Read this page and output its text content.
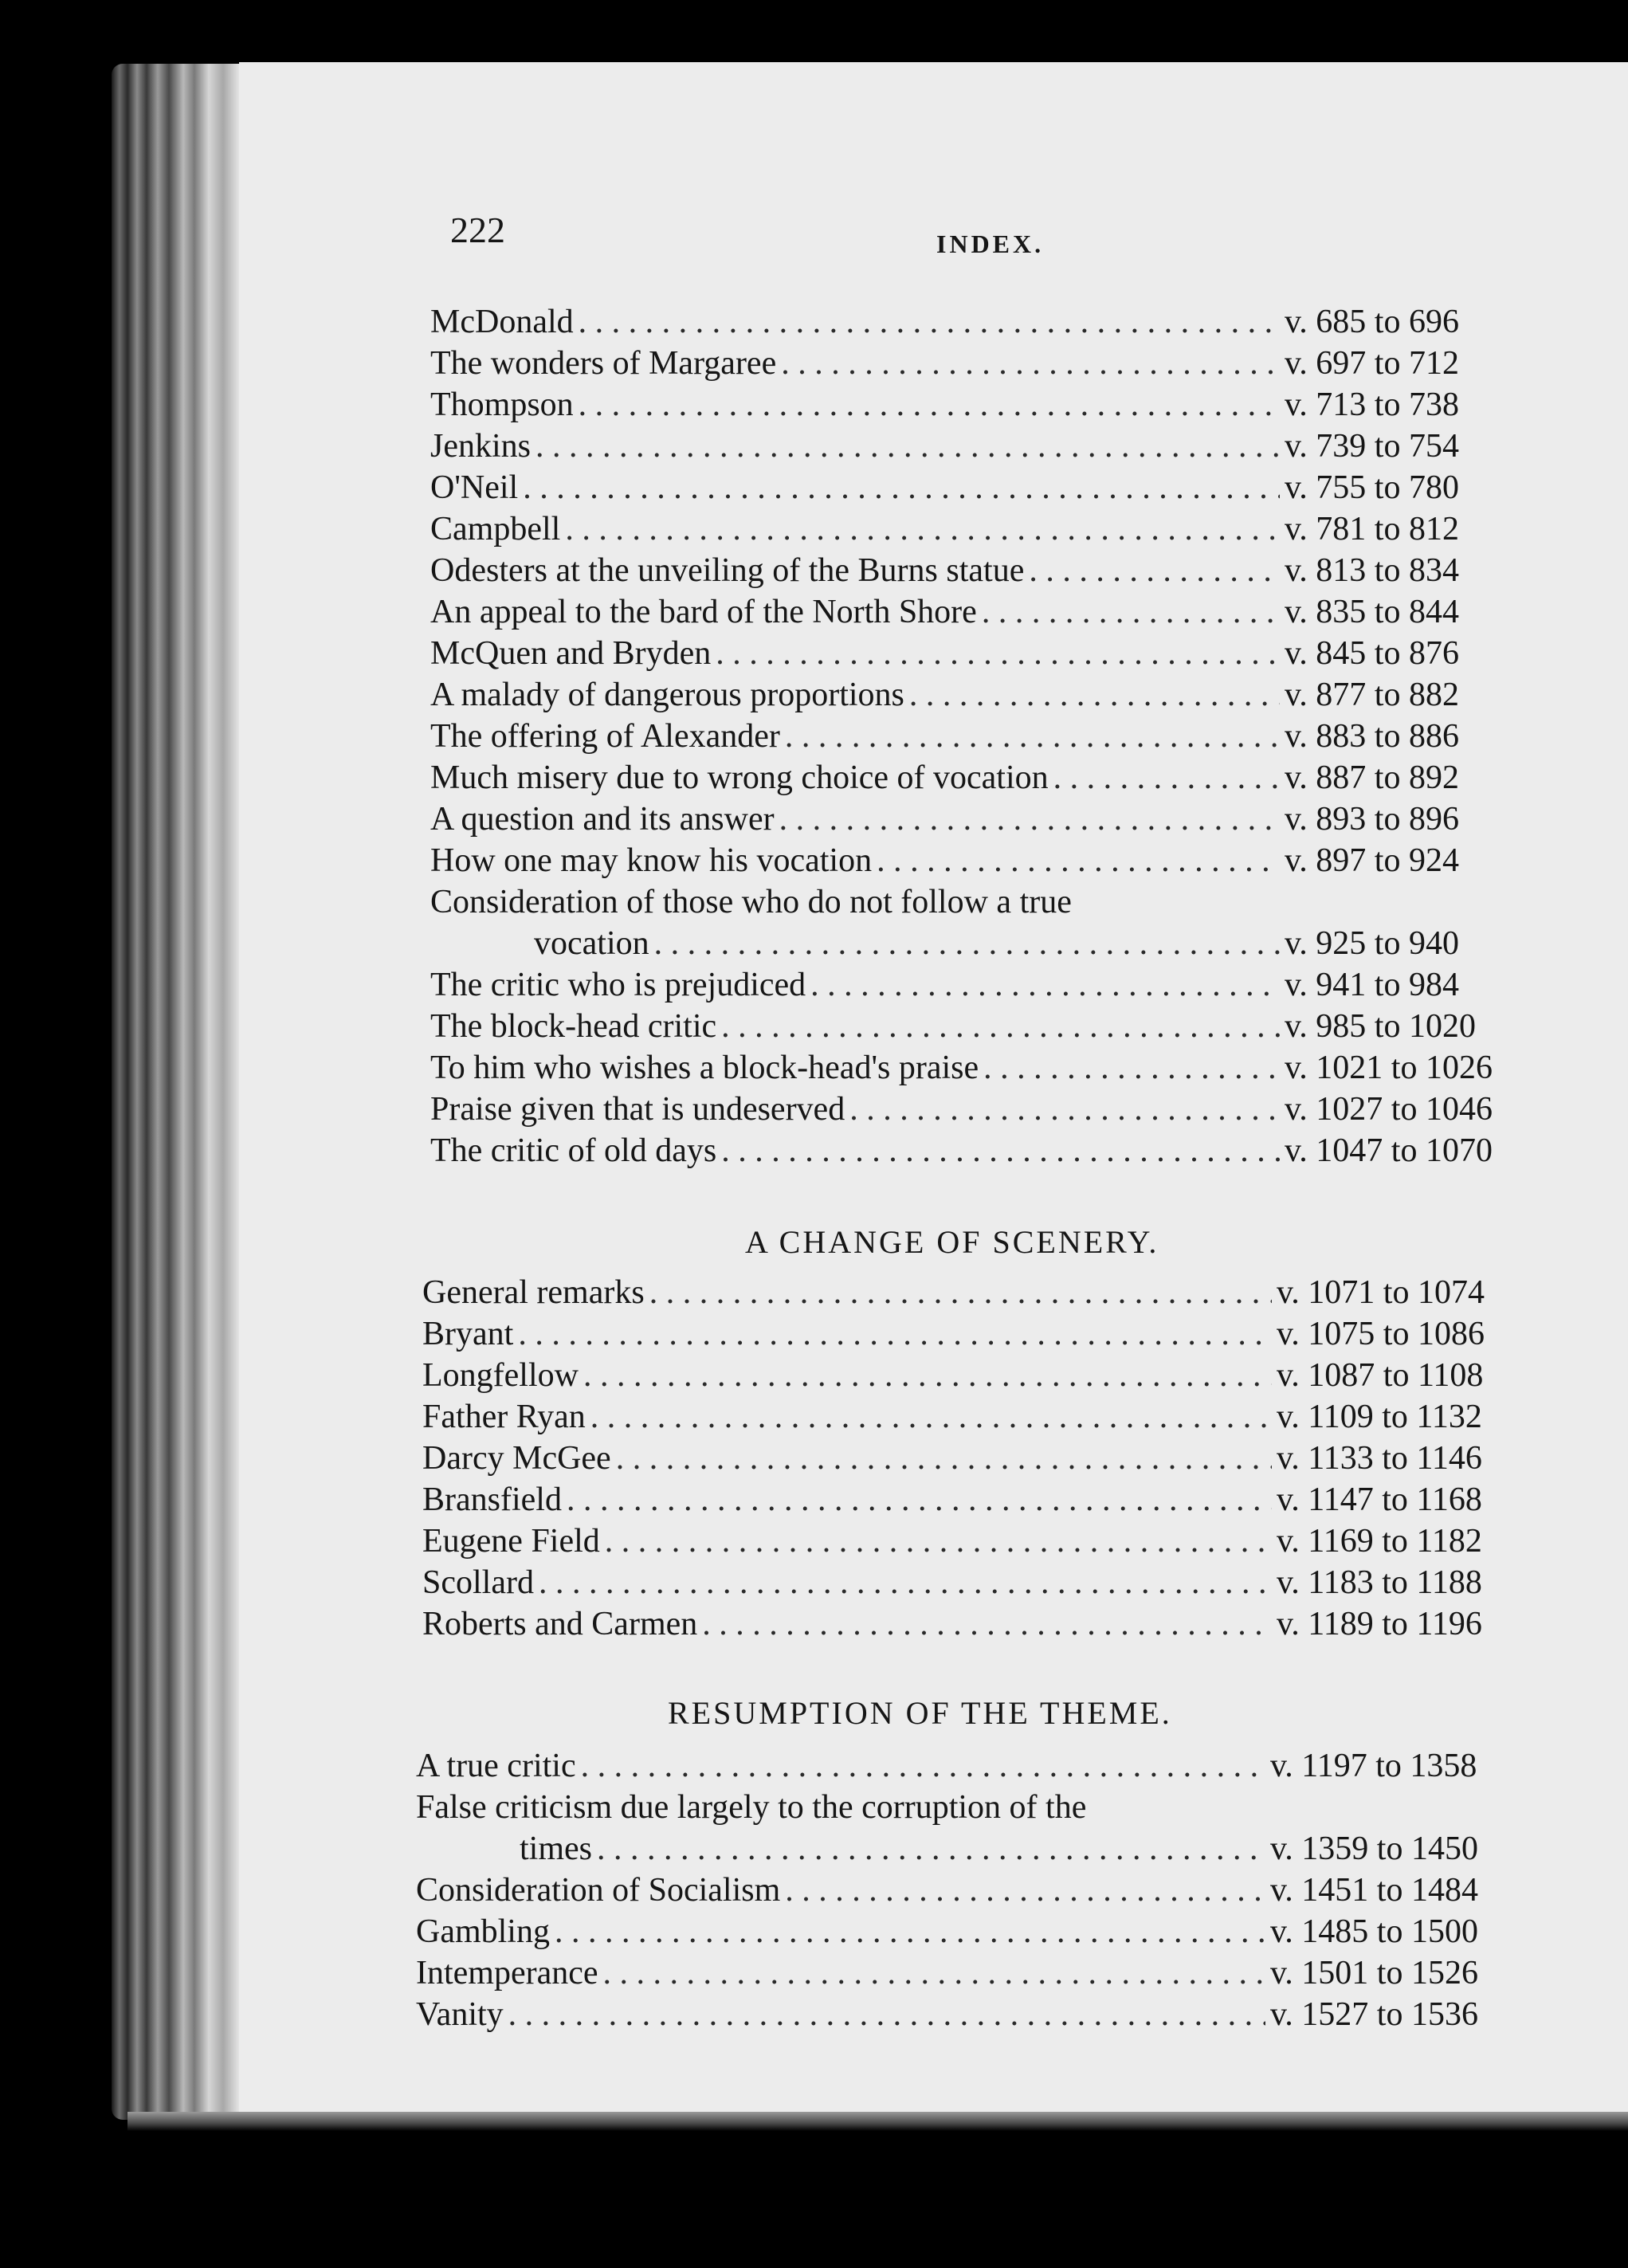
222	INDEX.
McDonald . . .	v. 685 to 696
The wonders of Margaree . . .	v. 697 to 712
Thompson . . .	v. 713 to 738
Jenkins . . .	v. 739 to 754
O'Neil . . .	v. 755 to 780
Campbell . . .	v. 781 to 812
Odesters at the unveiling of the Burns statue . . .	v. 813 to 834
An appeal to the bard of the North Shore . . .	v. 835 to 844
McQuen and Bryden . . .	v. 845 to 876
A malady of dangerous proportions . . .	v. 877 to 882
The offering of Alexander . . .	v. 883 to 886
Much misery due to wrong choice of vocation . . .	v. 887 to 892
A question and its answer . . .	v. 893 to 896
How one may know his vocation . . .	v. 897 to 924
Consideration of those who do not follow a true
vocation . . .	v. 925 to 940
The critic who is prejudiced . . .	v. 941 to 984
The block-head critic . . .	v. 985 to 1020
To him who wishes a block-head's praise . . .	v. 1021 to 1026
Praise given that is undeserved . . .	v. 1027 to 1046
The critic of old days . . .	v. 1047 to 1070
A CHANGE OF SCENERY.
General remarks . . .	v. 1071 to 1074
Bryant . . .	v. 1075 to 1086
Longfellow . . .	v. 1087 to 1108
Father Ryan . . .	v. 1109 to 1132
Darcy McGee . . .	v. 1133 to 1146
Bransfield . . .	v. 1147 to 1168
Eugene Field . . .	v. 1169 to 1182
Scollard . . .	v. 1183 to 1188
Roberts and Carmen . . .	v. 1189 to 1196
RESUMPTION OF THE THEME.
A true critic . . .	v. 1197 to 1358
False criticism due largely to the corruption of the
times . . .	v. 1359 to 1450
Consideration of Socialism . . .	v. 1451 to 1484
Gambling . . .	v. 1485 to 1500
Intemperance . . .	v. 1501 to 1526
Vanity . . .	v. 1527 to 1536
